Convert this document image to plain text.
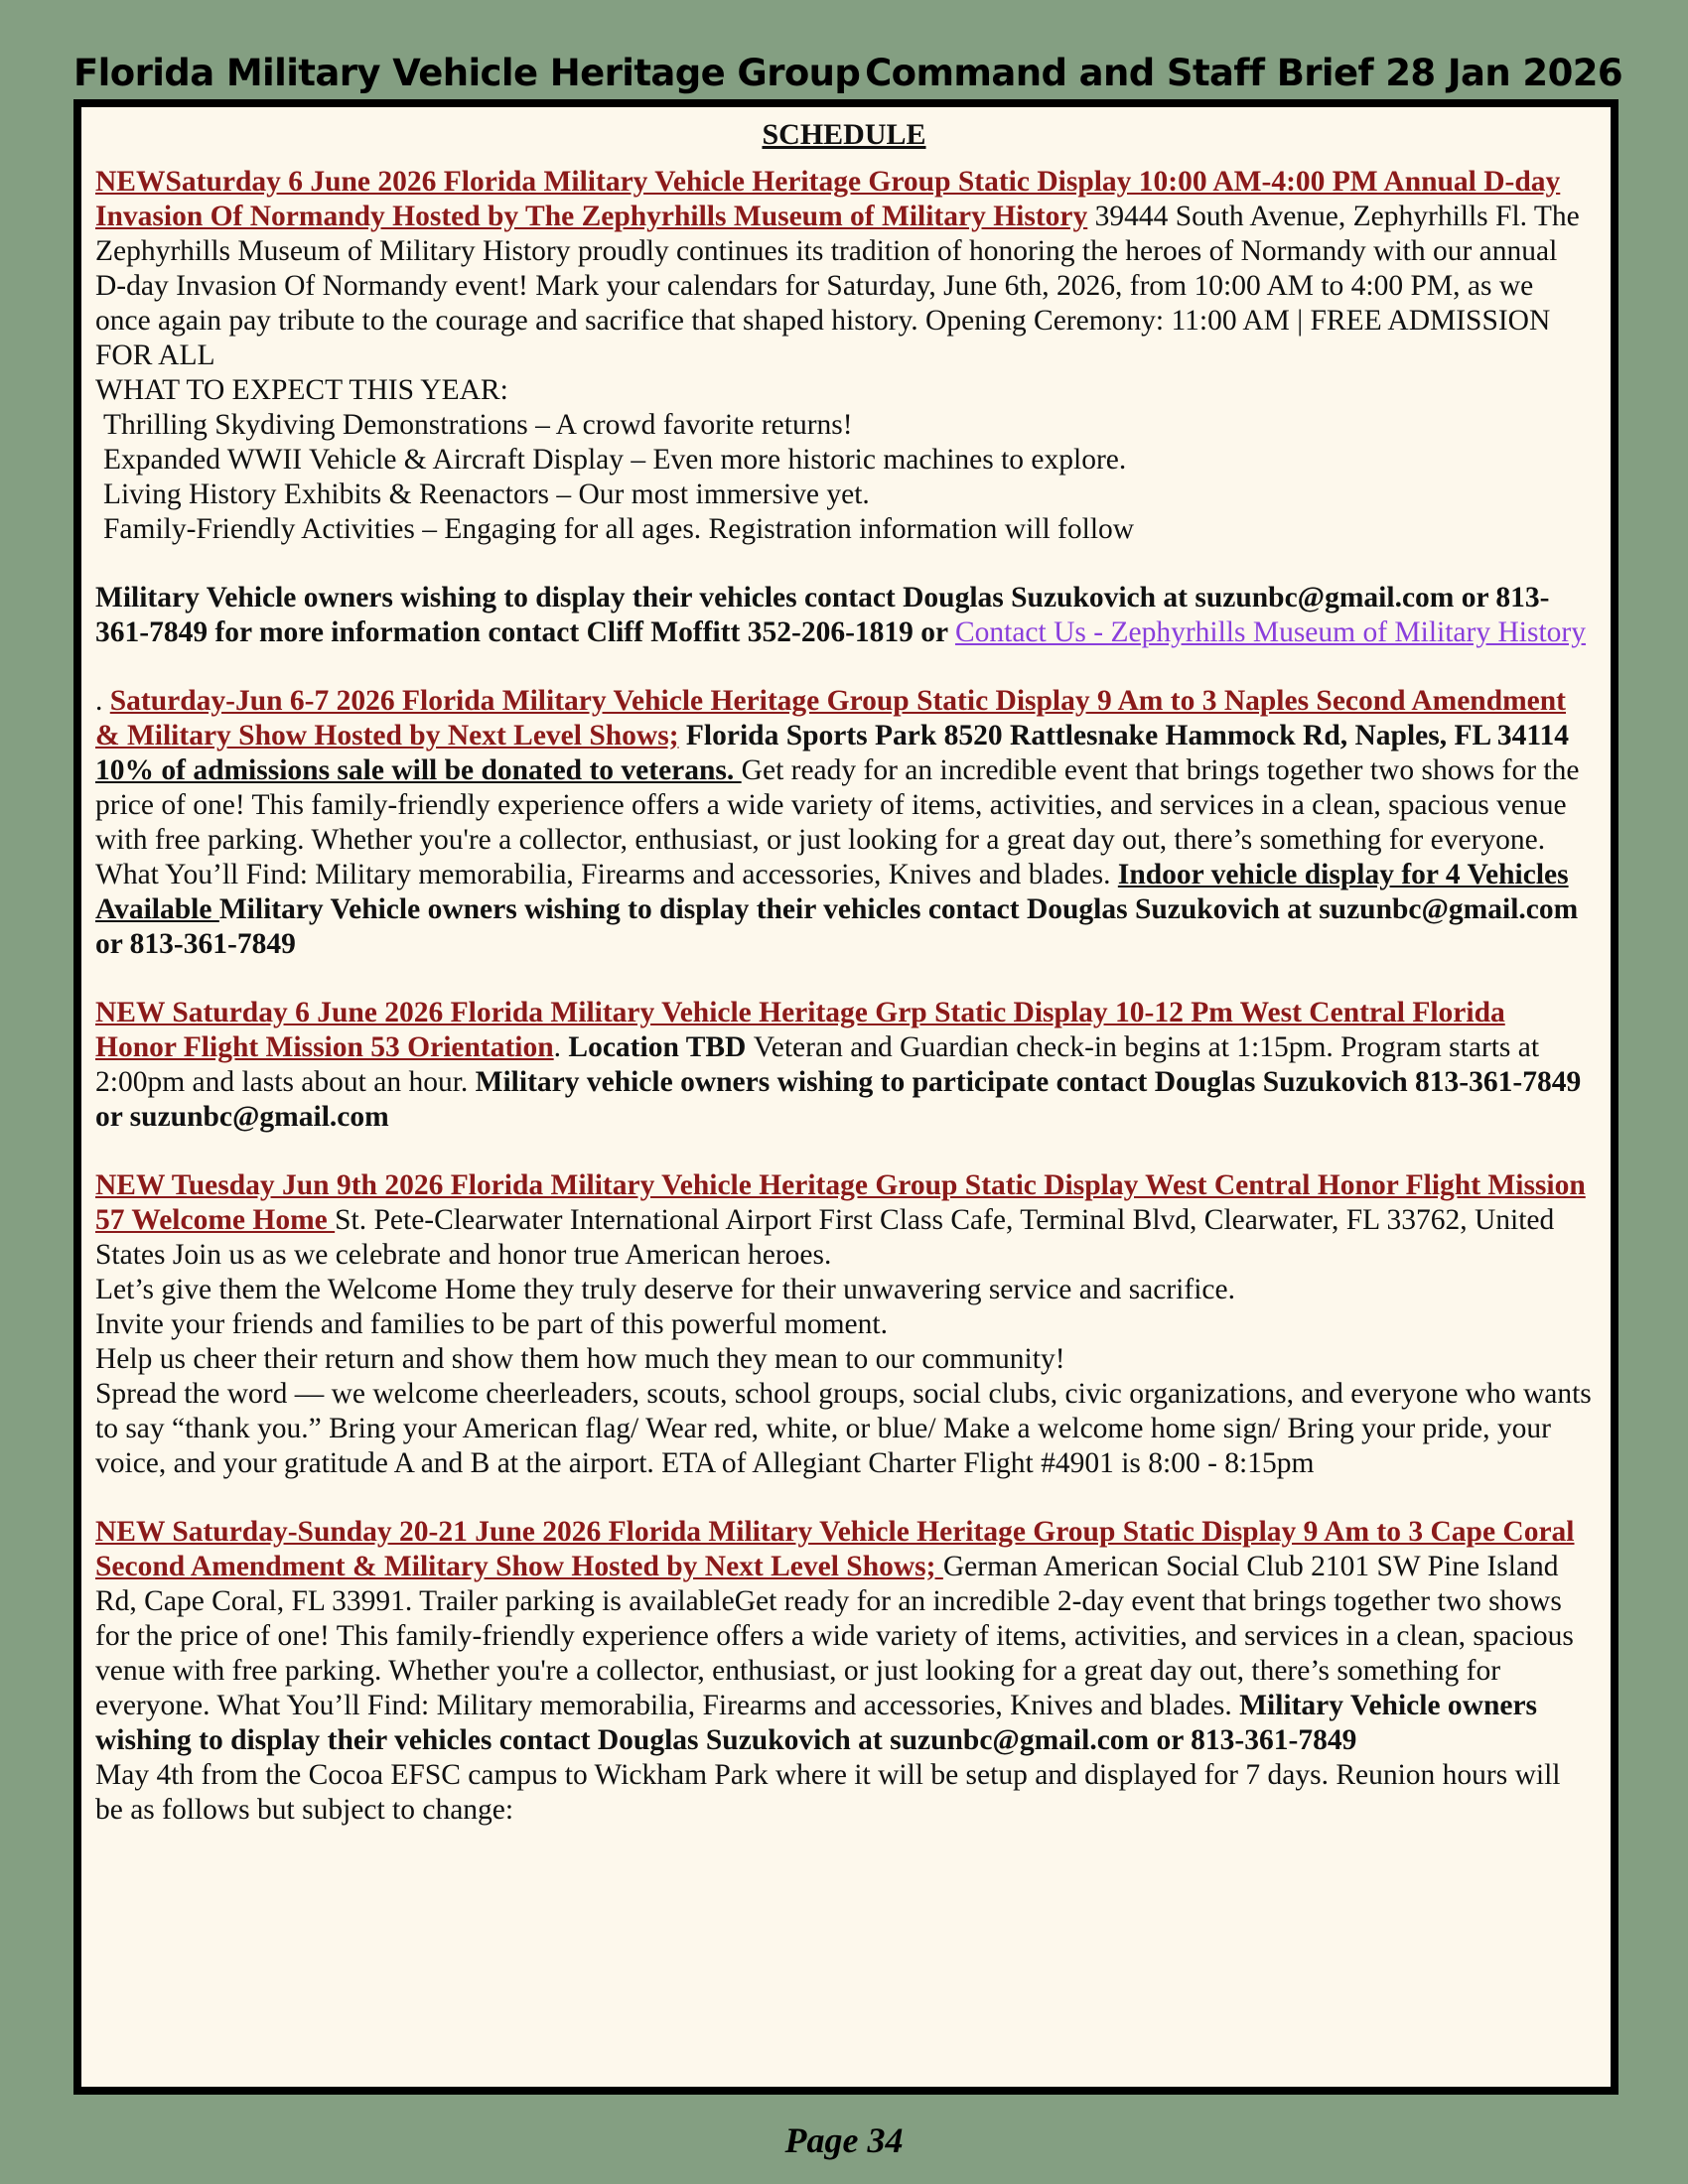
Florida Military Vehicle Heritage Group Command and Staff Brief 28 Jan 2026
SCHEDULE
NEWSaturday 6 June 2026 Florida Military Vehicle Heritage Group Static Display 10:00 AM-4:00 PM Annual D-day Invasion Of Normandy Hosted by The Zephyrhills Museum of Military History 39444 South Avenue, Zephyrhills Fl. The Zephyrhills Museum of Military History proudly continues its tradition of honoring the heroes of Normandy with our annual D-day Invasion Of Normandy event! Mark your calendars for Saturday, June 6th, 2026, from 10:00 AM to 4:00 PM, as we once again pay tribute to the courage and sacrifice that shaped history. Opening Ceremony: 11:00 AM | FREE ADMISSION FOR ALL
WHAT TO EXPECT THIS YEAR:
Thrilling Skydiving Demonstrations – A crowd favorite returns!
Expanded WWII Vehicle & Aircraft Display – Even more historic machines to explore.
Living History Exhibits & Reenactors – Our most immersive yet.
Family-Friendly Activities – Engaging for all ages. Registration information will follow
Military Vehicle owners wishing to display their vehicles contact Douglas Suzukovich at suzunbc@gmail.com or 813-361-7849 for more information contact Cliff Moffitt 352-206-1819 or Contact Us - Zephyrhills Museum of Military History
. Saturday-Jun 6-7 2026 Florida Military Vehicle Heritage Group Static Display 9 Am to 3 Naples Second Amendment & Military Show Hosted by Next Level Shows; Florida Sports Park 8520 Rattlesnake Hammock Rd, Naples, FL 34114 10% of admissions sale will be donated to veterans. Get ready for an incredible event that brings together two shows for the price of one! This family-friendly experience offers a wide variety of items, activities, and services in a clean, spacious venue with free parking. Whether you're a collector, enthusiast, or just looking for a great day out, there’s something for everyone. What You’ll Find: Military memorabilia, Firearms and accessories, Knives and blades. Indoor vehicle display for 4 Vehicles Available Military Vehicle owners wishing to display their vehicles contact Douglas Suzukovich at suzunbc@gmail.com or 813-361-7849
NEW Saturday 6 June 2026 Florida Military Vehicle Heritage Grp Static Display 10-12 Pm West Central Florida Honor Flight Mission 53 Orientation. Location TBD Veteran and Guardian check-in begins at 1:15pm. Program starts at 2:00pm and lasts about an hour. Military vehicle owners wishing to participate contact Douglas Suzukovich 813-361-7849 or suzunbc@gmail.com
NEW Tuesday Jun 9th 2026 Florida Military Vehicle Heritage Group Static Display West Central Honor Flight Mission 57 Welcome Home St. Pete-Clearwater International Airport First Class Cafe, Terminal Blvd, Clearwater, FL 33762, United States Join us as we celebrate and honor true American heroes.
Let’s give them the Welcome Home they truly deserve for their unwavering service and sacrifice.
Invite your friends and families to be part of this powerful moment.
Help us cheer their return and show them how much they mean to our community!
Spread the word — we welcome cheerleaders, scouts, school groups, social clubs, civic organizations, and everyone who wants to say “thank you.” Bring your American flag/ Wear red, white, or blue/ Make a welcome home sign/ Bring your pride, your voice, and your gratitude A and B at the airport. ETA of Allegiant Charter Flight #4901 is 8:00 - 8:15pm
NEW Saturday-Sunday 20-21 June 2026 Florida Military Vehicle Heritage Group Static Display 9 Am to 3 Cape Coral Second Amendment & Military Show Hosted by Next Level Shows; German American Social Club 2101 SW Pine Island Rd, Cape Coral, FL 33991. Trailer parking is availableGet ready for an incredible 2-day event that brings together two shows for the price of one! This family-friendly experience offers a wide variety of items, activities, and services in a clean, spacious venue with free parking. Whether you're a collector, enthusiast, or just looking for a great day out, there’s something for everyone. What You’ll Find: Military memorabilia, Firearms and accessories, Knives and blades. Military Vehicle owners wishing to display their vehicles contact Douglas Suzukovich at suzunbc@gmail.com or 813-361-7849
May 4th from the Cocoa EFSC campus to Wickham Park where it will be setup and displayed for 7 days. Reunion hours will be as follows but subject to change:
Page 34
